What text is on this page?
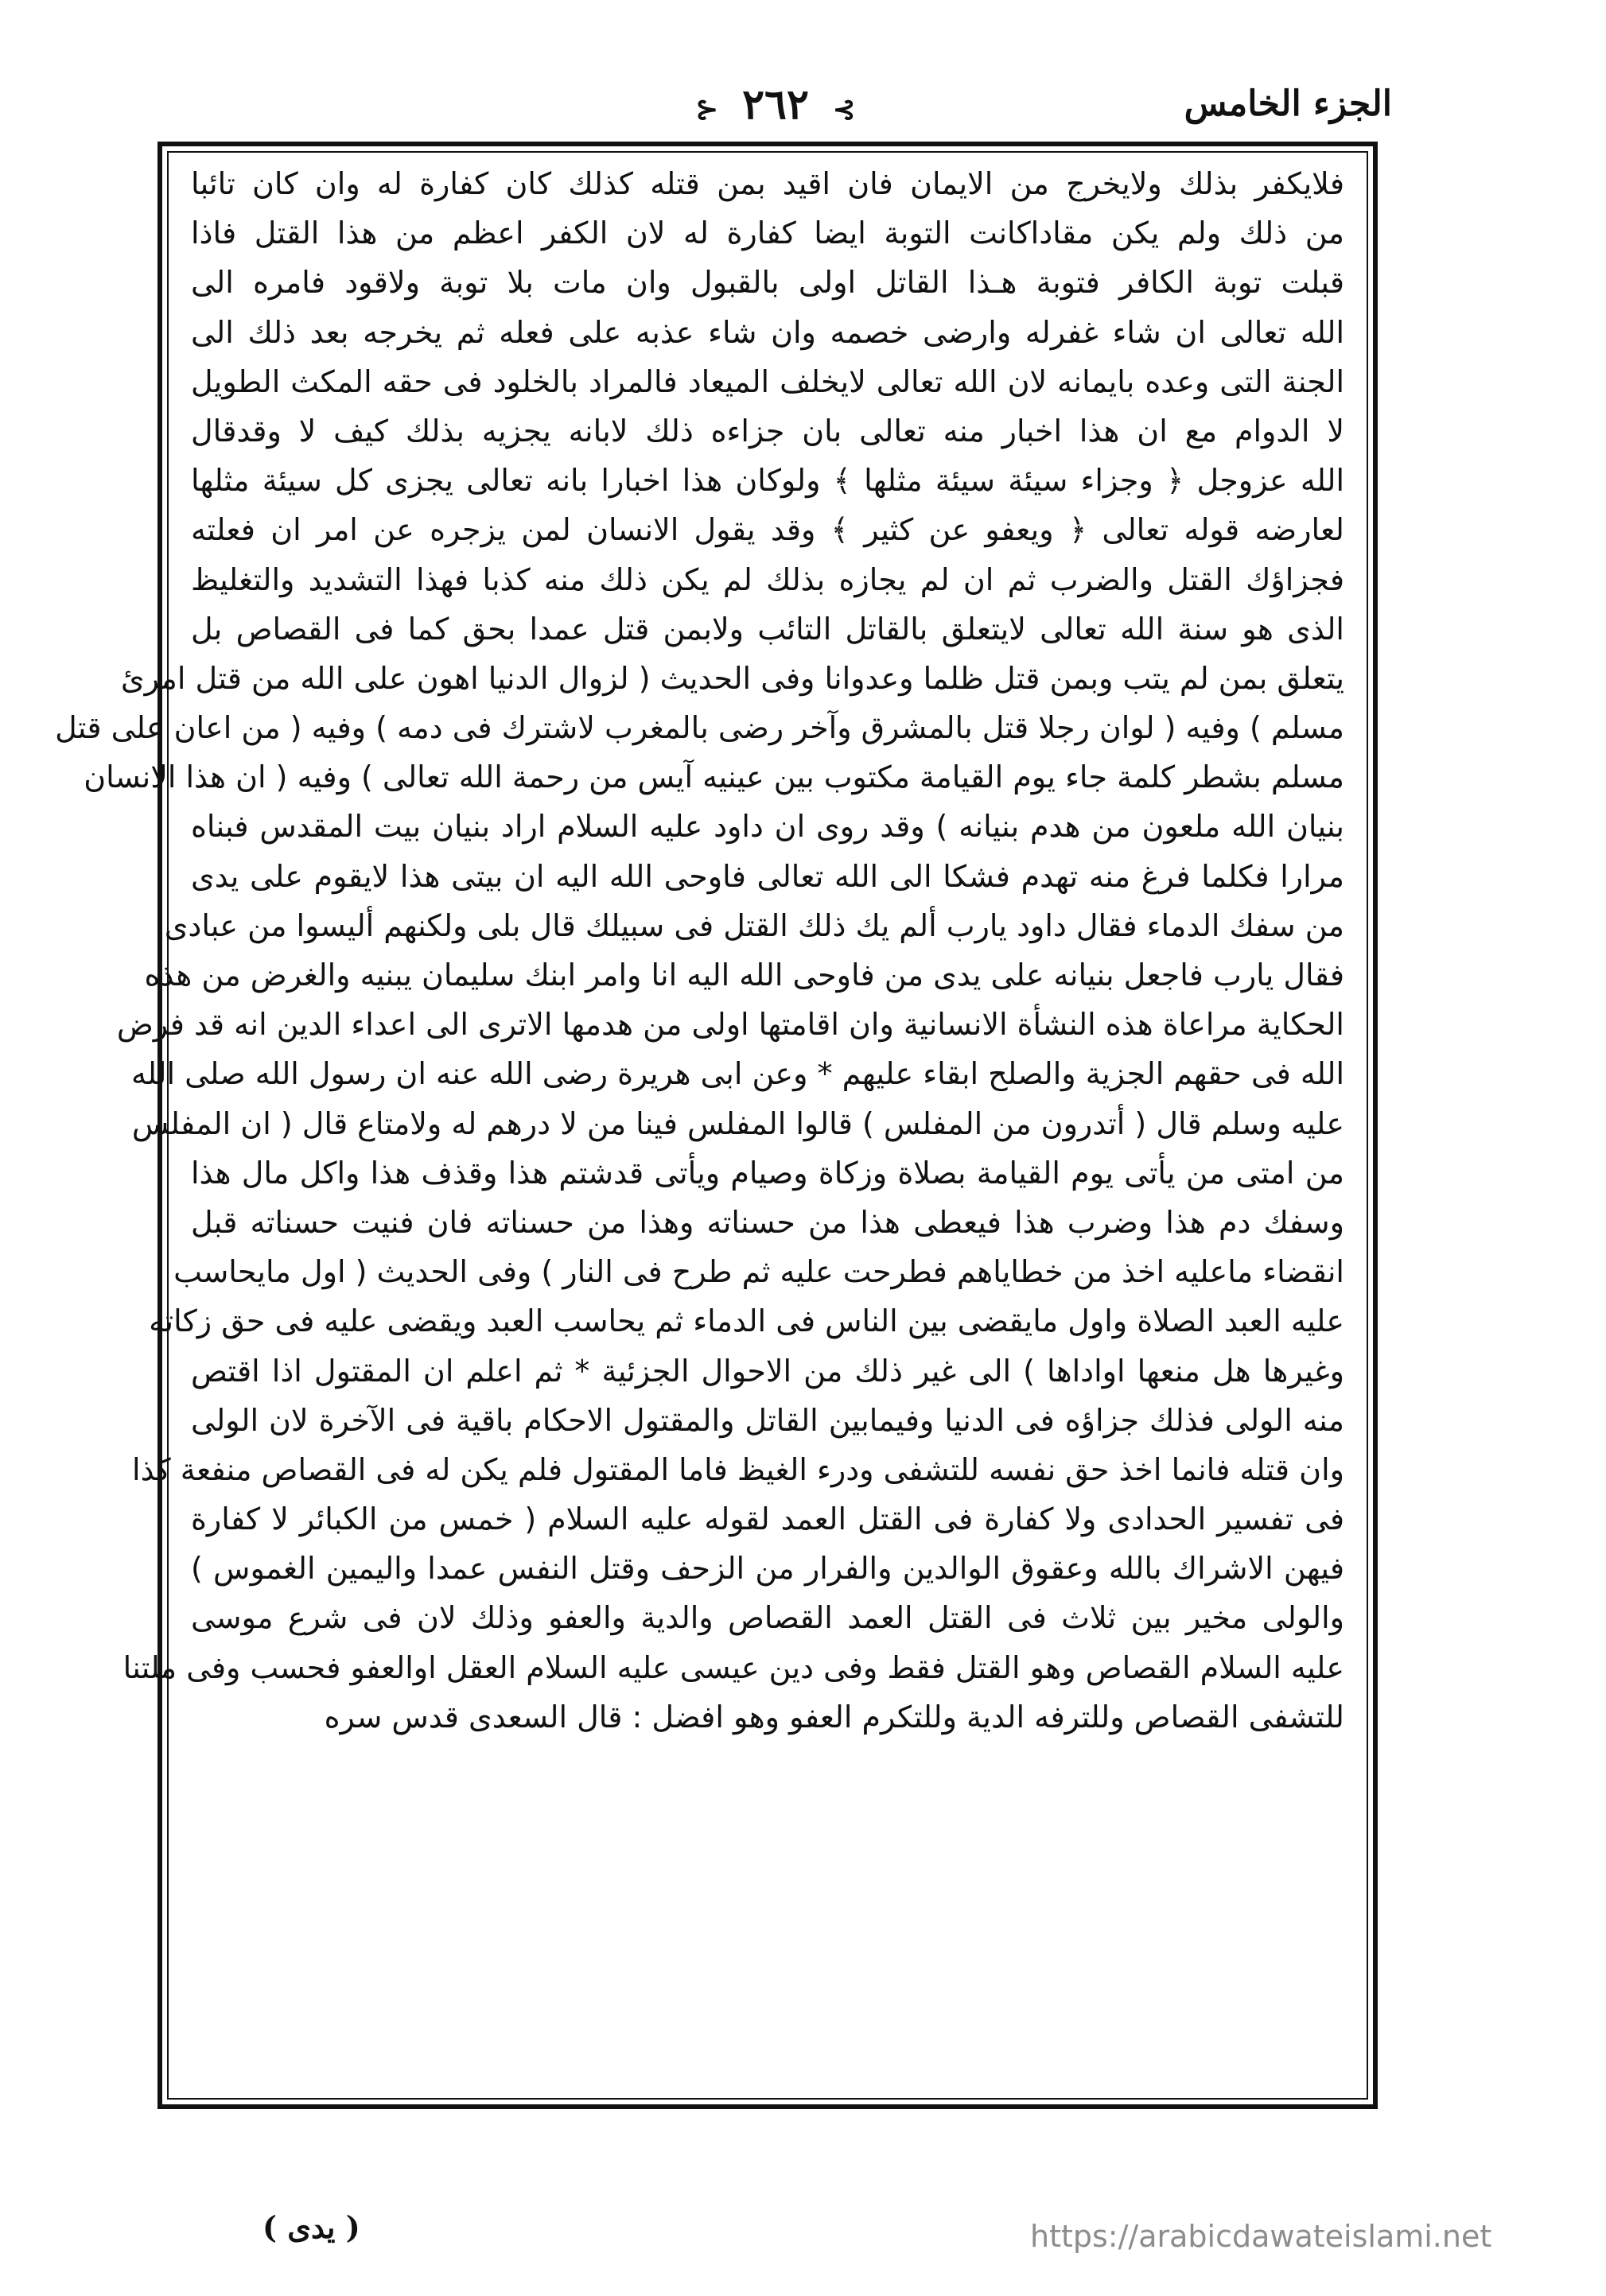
الجزء الخامس
⊱ ٢٦٢ ⊰
فلايكفر بذلك ولايخرج من الايمان فان اقيد بمن قتله كذلك كان كفارة له وان كان تائبا
من ذلك ولم يكن مقاداكانت التوبة ايضا كفارة له لان الكفر اعظم من هذا القتل فاذا
قبلت توبة الكافر فتوبة هـذا القاتل اولى بالقبول وان مات بلا توبة ولاقود فامره الى
الله تعالى ان شاء غفرله وارضى خصمه وان شاء عذبه على فعله ثم يخرجه بعد ذلك الى
الجنة التى وعده بايمانه لان الله تعالى لايخلف الميعاد فالمراد بالخلود فى حقه المكث الطويل
لا الدوام مع ان هذا اخبار منه تعالى بان جزاءه ذلك لابانه يجزيه بذلك كيف لا وقدقال
الله عزوجل ﴿ وجزاء سيئة سيئة مثلها ﴾ ولوكان هذا اخبارا بانه تعالى يجزى كل سيئة مثلها
لعارضه قوله تعالى ﴿ ويعفو عن كثير ﴾ وقد يقول الانسان لمن يزجره عن امر ان فعلته
فجزاؤك القتل والضرب ثم ان لم يجازه بذلك لم يكن ذلك منه كذبا فهذا التشديد والتغليظ
الذى هو سنة الله تعالى لايتعلق بالقاتل التائب ولابمن قتل عمدا بحق كما فى القصاص بل
يتعلق بمن لم يتب وبمن قتل ظلما وعدوانا وفى الحديث ( لزوال الدنيا اهون على الله من قتل امرئ
مسلم ) وفيه ( لوان رجلا قتل بالمشرق وآخر رضى بالمغرب لاشترك فى دمه ) وفيه ( من اعان على قتل
مسلم بشطر كلمة جاء يوم القيامة مكتوب بين عينيه آيس من رحمة الله تعالى ) وفيه ( ان هذا الانسان
بنيان الله ملعون من هدم بنيانه ) وقد روى ان داود عليه السلام اراد بنيان بيت المقدس فبناه
مرارا فكلما فرغ منه تهدم فشكا الى الله تعالى فاوحى الله اليه ان بيتى هذا لايقوم على يدى
من سفك الدماء فقال داود يارب ألم يك ذلك القتل فى سبيلك قال بلى ولكنهم أليسوا من عبادى
فقال يارب فاجعل بنيانه على يدى من فاوحى الله اليه انا وامر ابنك سليمان يبنيه والغرض من هذه
الحكاية مراعاة هذه النشأة الانسانية وان اقامتها اولى من هدمها الاترى الى اعداء الدين انه قد فرض
الله فى حقهم الجزية والصلح ابقاء عليهم * وعن ابى هريرة رضى الله عنه ان رسول الله صلى الله
عليه وسلم قال ( أتدرون من المفلس ) قالوا المفلس فينا من لا درهم له ولامتاع قال ( ان المفلس
من امتى من يأتى يوم القيامة بصلاة وزكاة وصيام ويأتى قدشتم هذا وقذف هذا واكل مال هذا
وسفك دم هذا وضرب هذا فيعطى هذا من حسناته وهذا من حسناته فان فنيت حسناته قبل
انقضاء ماعليه اخذ من خطاياهم فطرحت عليه ثم طرح فى النار ) وفى الحديث ( اول مايحاسب
عليه العبد الصلاة واول مايقضى بين الناس فى الدماء ثم يحاسب العبد ويقضى عليه فى حق زكاته
وغيرها هل منعها اواداها ) الى غير ذلك من الاحوال الجزئية * ثم اعلم ان المقتول اذا اقتص
منه الولى فذلك جزاؤه فى الدنيا وفيمابين القاتل والمقتول الاحكام باقية فى الآخرة لان الولى
وان قتله فانما اخذ حق نفسه للتشفى ودرء الغيظ فاما المقتول فلم يكن له فى القصاص منفعة كذا
فى تفسير الحدادى ولا كفارة فى القتل العمد لقوله عليه السلام ( خمس من الكبائر لا كفارة
فيهن الاشراك بالله وعقوق الوالدين والفرار من الزحف وقتل النفس عمدا واليمين الغموس )
والولى مخير بين ثلاث فى القتل العمد القصاص والدية والعفو وذلك لان فى شرع موسى
عليه السلام القصاص وهو القتل فقط وفى دين عيسى عليه السلام العقل اوالعفو فحسب وفى ملتنا
للتشفى القصاص وللترفه الدية وللتكرم العفو وهو افضل : قال السعدى قدس سره
( يدى )	https://arabicdawateislami.net
